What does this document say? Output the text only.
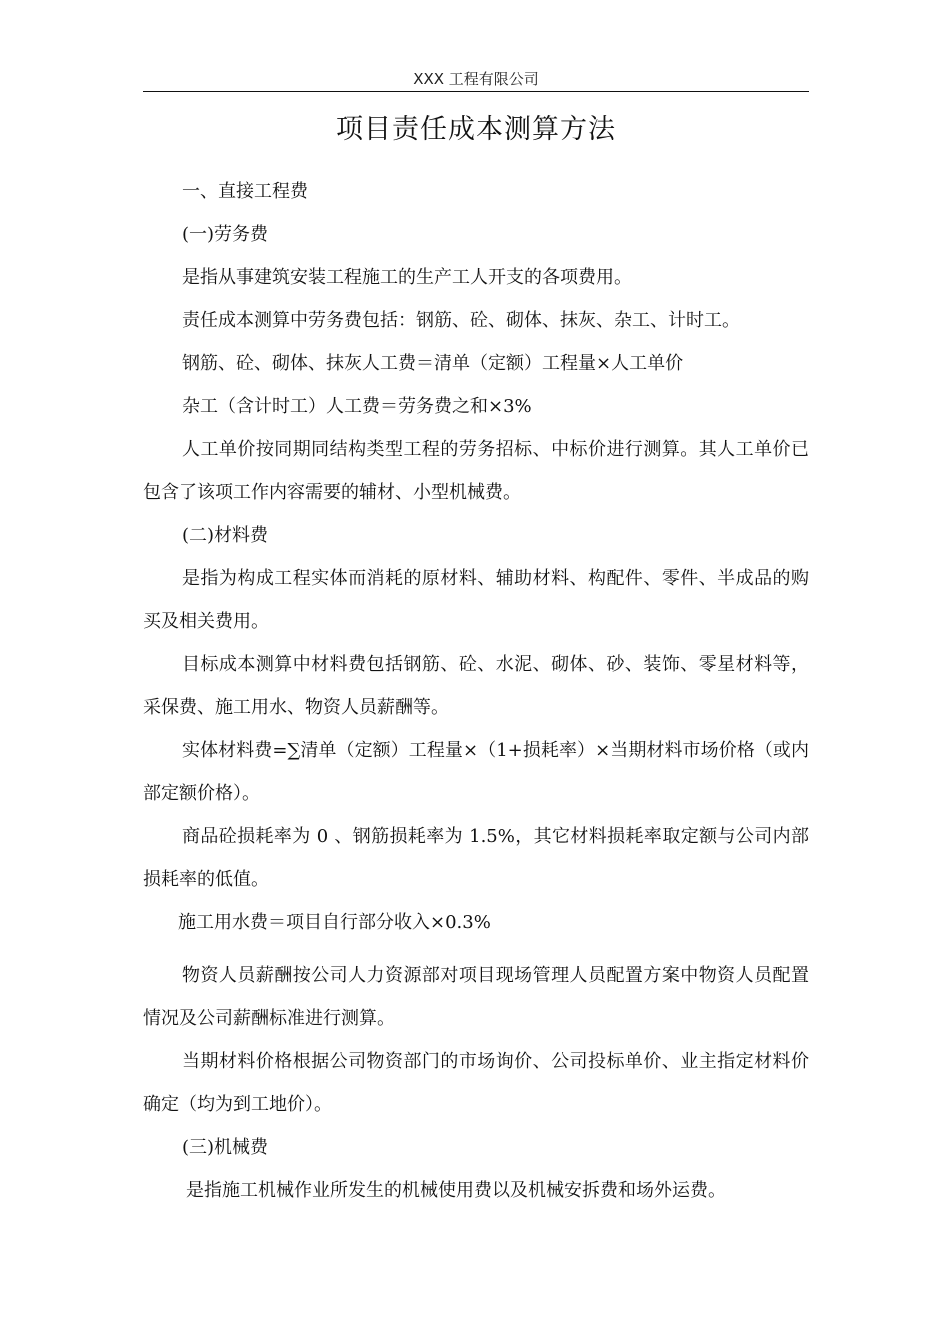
XXX 工程有限公司
项目责任成本测算方法
一、直接工程费
(一)劳务费
是指从事建筑安装工程施工的生产工人开支的各项费用。
责任成本测算中劳务费包括：钢筋、砼、砌体、抹灰、杂工、计时工。
钢筋、砼、砌体、抹灰人工费＝清单（定额）工程量×人工单价
杂工（含计时工）人工费＝劳务费之和×3%
人工单价按同期同结构类型工程的劳务招标、中标价进行测算。其人工单价已包含了该项工作内容需要的辅材、小型机械费。
(二)材料费
是指为构成工程实体而消耗的原材料、辅助材料、构配件、零件、半成品的购买及相关费用。
目标成本测算中材料费包括钢筋、砼、水泥、砌体、砂、装饰、零星材料等，采保费、施工用水、物资人员薪酬等。
实体材料费=∑清单（定额）工程量×（1+损耗率）×当期材料市场价格（或内部定额价格）。
商品砼损耗率为 0 、钢筋损耗率为 1.5%，其它材料损耗率取定额与公司内部损耗率的低值。
施工用水费＝项目自行部分收入×0.3%
物资人员薪酬按公司人力资源部对项目现场管理人员配置方案中物资人员配置情况及公司薪酬标准进行测算。
当期材料价格根据公司物资部门的市场询价、公司投标单价、业主指定材料价确定（均为到工地价）。
(三)机械费
是指施工机械作业所发生的机械使用费以及机械安拆费和场外运费。
